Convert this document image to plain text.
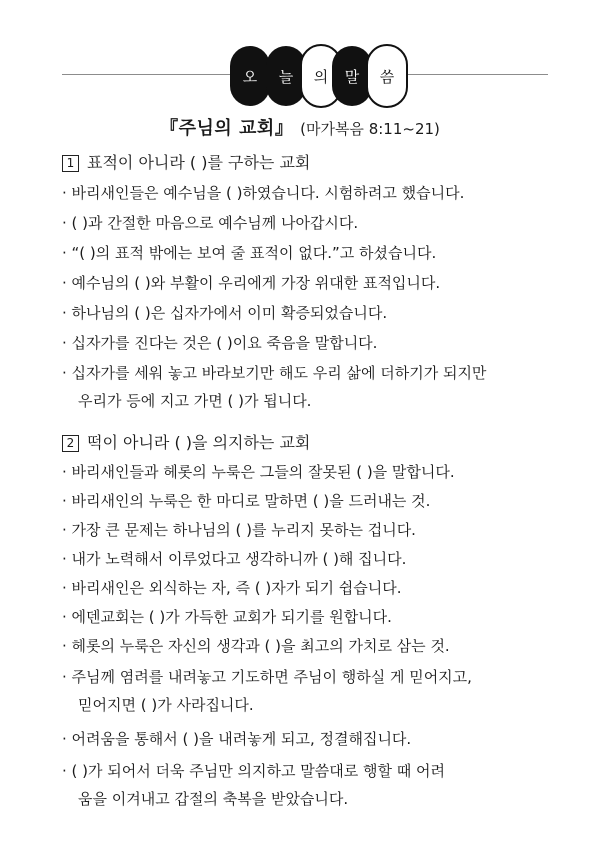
오	늘	의	말	씀
『주님의 교회』 (마가복음 8:11~21)
1 표적이 아니라 ( )를 구하는 교회
· 바리새인들은 예수님을 ( )하였습니다. 시험하려고 했습니다.
· ( )과 간절한 마음으로 예수님께 나아갑시다.
· “( )의 표적 밖에는 보여 줄 표적이 없다.”고 하셨습니다.
· 예수님의 ( )와 부활이 우리에게 가장 위대한 표적입니다.
· 하나님의 ( )은 십자가에서 이미 확증되었습니다.
· 십자가를 진다는 것은 ( )이요 죽음을 말합니다.
· 십자가를 세워 놓고 바라보기만 해도 우리 삶에 더하기가 되지만
우리가 등에 지고 가면 ( )가 됩니다.
2 떡이 아니라 ( )을 의지하는 교회
· 바리새인들과 헤롯의 누룩은 그들의 잘못된 ( )을 말합니다.
· 바리새인의 누룩은 한 마디로 말하면 ( )을 드러내는 것.
· 가장 큰 문제는 하나님의 ( )를 누리지 못하는 겁니다.
· 내가 노력해서 이루었다고 생각하니까 ( )해 집니다.
· 바리새인은 외식하는 자, 즉 ( )자가 되기 쉽습니다.
· 에덴교회는 ( )가 가득한 교회가 되기를 원합니다.
· 헤롯의 누룩은 자신의 생각과 ( )을 최고의 가치로 삼는 것.
· 주님께 염려를 내려놓고 기도하면 주님이 행하실 게 믿어지고,
믿어지면 ( )가 사라집니다.
· 어려움을 통해서 ( )을 내려놓게 되고, 정결해집니다.
· ( )가 되어서 더욱 주님만 의지하고 말씀대로 행할 때 어려
움을 이겨내고 갑절의 축복을 받았습니다.
